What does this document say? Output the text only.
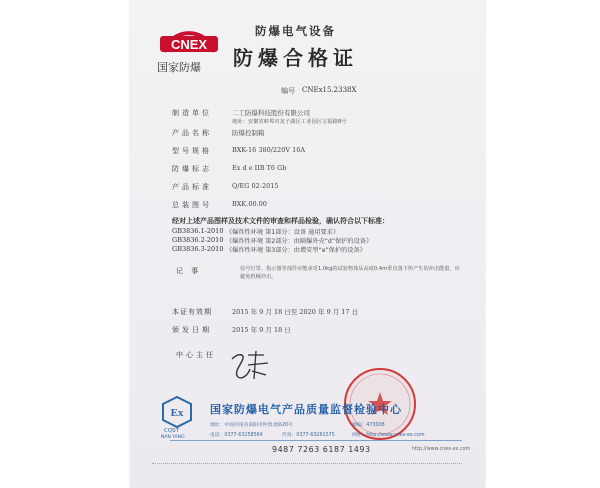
CNEX
国家防爆
防爆电气设备
防爆合格证
编号 CNEx15.2338X
制造单位	二工防爆科技股份有限公司
地址：安徽省蚌埠市龙子湖区工业园区宝福路8号
产品名称	防爆控制箱
型号规格	BXK-16 380/220V 16A
防爆标志	Ex d e IIB T6 Gb
产品标准	Q/EG 02-2015
总装图号	BXK.00.00
经对上述产品图样及技术文件的审查和样品检验，确认符合以下标准：
GB3836.1-2010 《爆炸性环境 第1部分：设备 通用要求》
GB3836.2-2010 《爆炸性环境 第2部分：由隔爆外壳“d”保护的设备》
GB3836.3-2010 《爆炸性环境 第3部分：由增安型“e”保护的设备》
记 事	信号灯罩、指示器等部件应能承受1.0kg的试验物体从高度0.4m垂直落下所产生的冲击能量，应避免机械冲击。
本证有效期	2015 年 9 月 18 日至 2020 年 9 月 17 日
颁发日期	2015 年 9 月 18 日
中心主任
Ex
CQST
NAN YANG
国家防爆电气产品质量监督检验中心
地址：中国河南省南阳市仲景北路20号	邮编：473008
电话：0377-63258564	传真：0377-63261575	网址：http://www.cnex-ex.com
9487 7263 6187 1493	http://www.cnex-ex.com
